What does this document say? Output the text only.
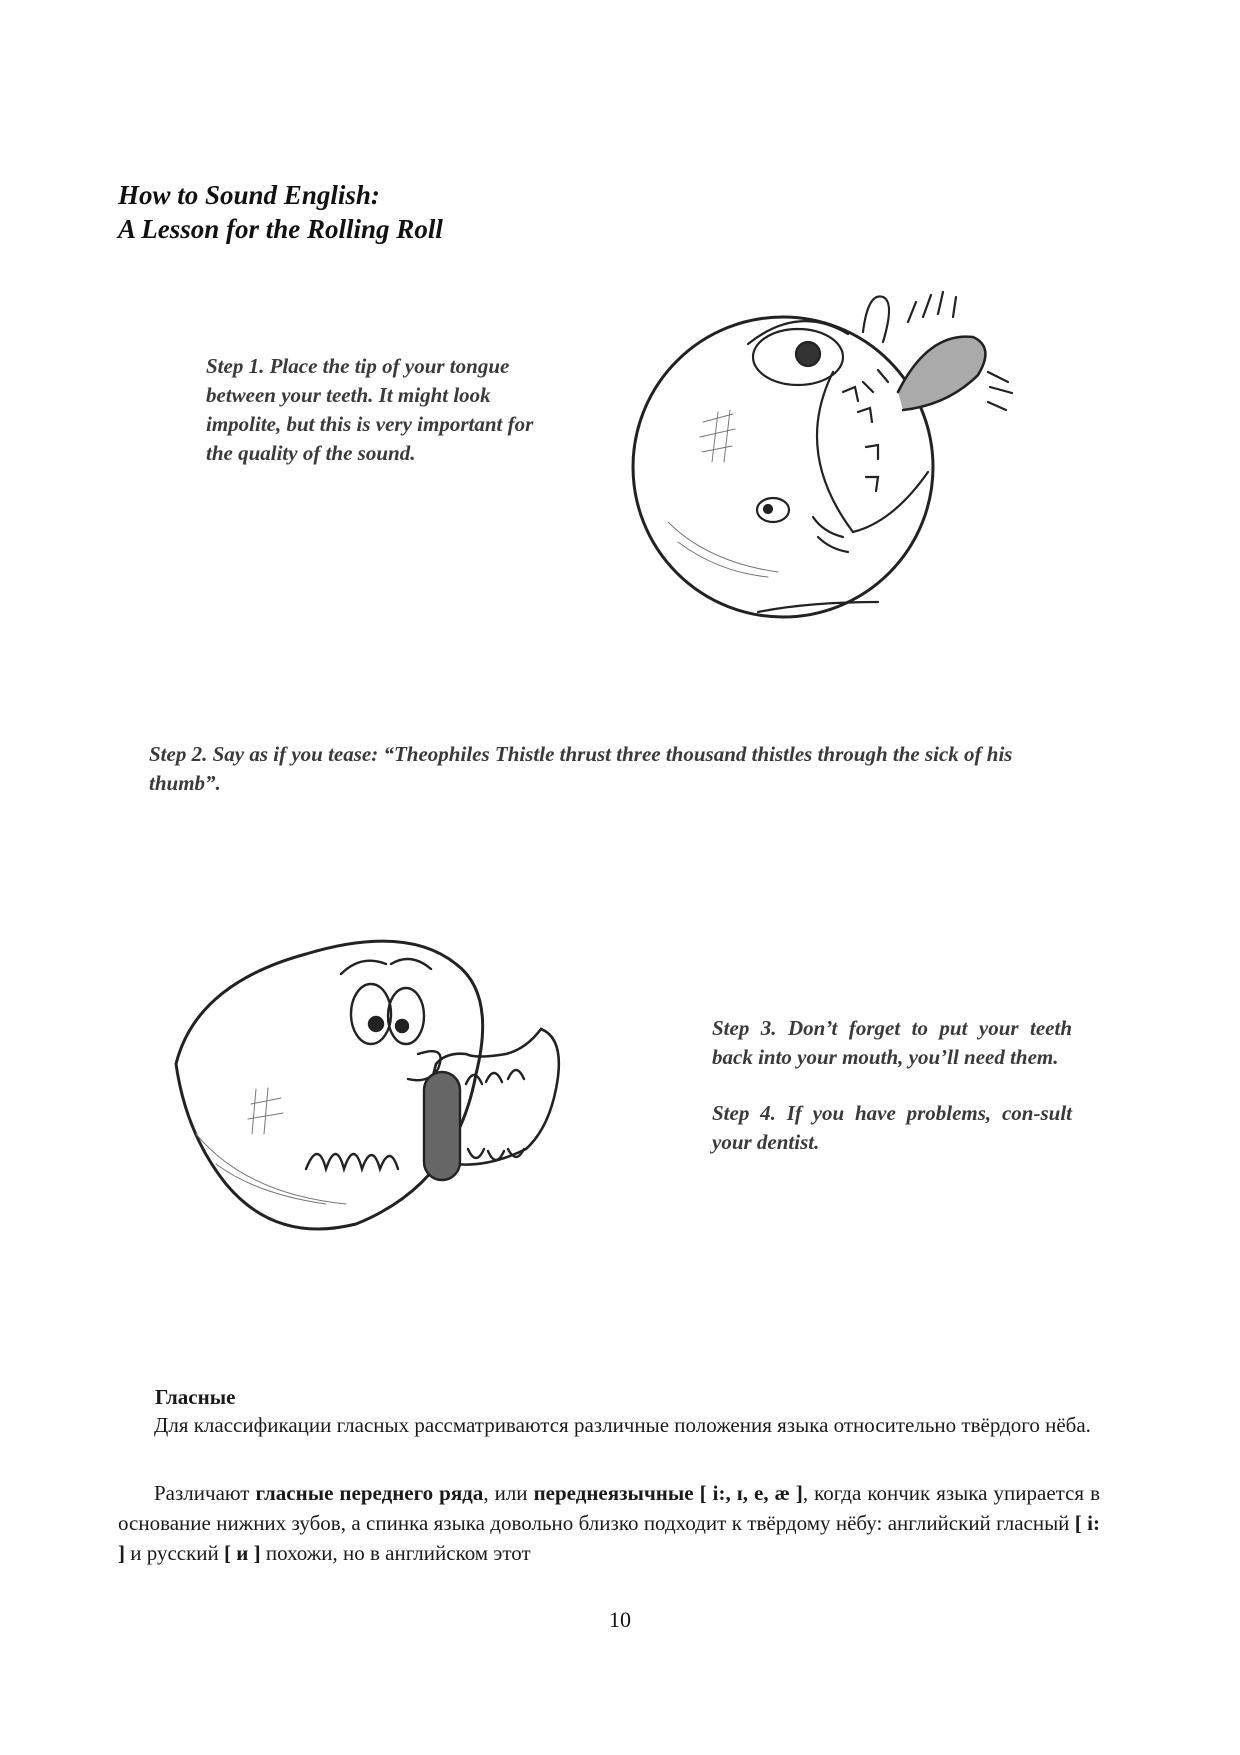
How to Sound English:
A Lesson for the Rolling Roll
Step 1. Place the tip of your tongue between your teeth. It might look impolite, but this is very important for the quality of the sound.
Step 2. Say as if you tease: “Theophiles Thistle thrust three thousand thistles through the sick of his thumb”.

Step 3. Don’t forget to put your teeth back into your mouth, you’ll need them.

Step 4. If you have problems, con-sult your dentist.

Гласные
Для классификации гласных рассматриваются различные положения языка относительно твёрдого нёба.
Различают гласные переднего ряда, или переднеязычные [ i:, ɪ, e, æ ], когда кончик языка упирается в основание нижних зубов, а спинка языка довольно близко подходит к твёрдому нёбу: английский гласный [ i: ] и русский [ и ] похожи, но в английском этот
10
